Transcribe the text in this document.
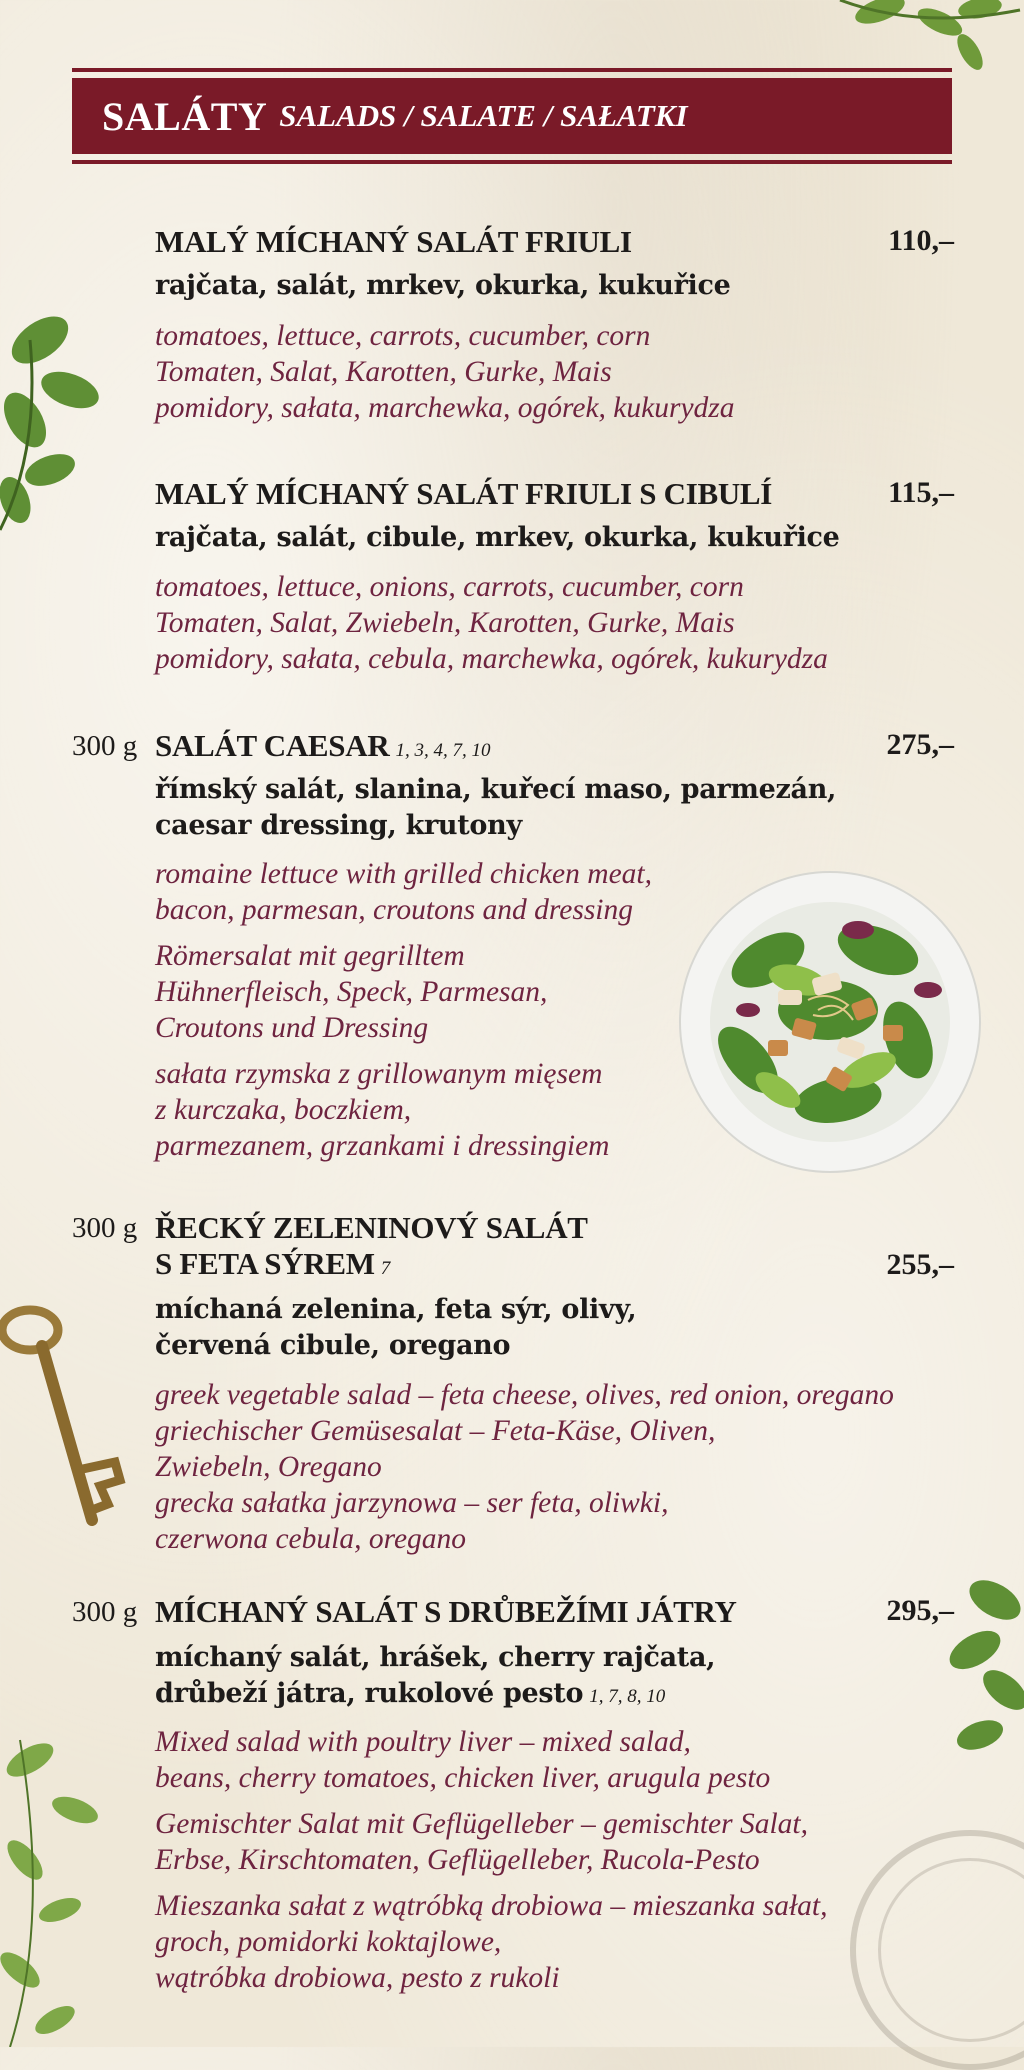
SALÁTY SALADS / SALATE / SAŁATKI
MALÝ MÍCHANÝ SALÁT FRIULI	110,–
rajčata, salát, mrkev, okurka, kukuřice
tomatoes, lettuce, carrots, cucumber, corn
Tomaten, Salat, Karotten, Gurke, Mais
pomidory, sałata, marchewka, ogórek, kukurydza
MALÝ MÍCHANÝ SALÁT FRIULI S CIBULÍ	115,–
rajčata, salát, cibule, mrkev, okurka, kukuřice
tomatoes, lettuce, onions, carrots, cucumber, corn
Tomaten, Salat, Zwiebeln, Karotten, Gurke, Mais
pomidory, sałata, cebula, marchewka, ogórek, kukurydza
300 g SALÁT CAESAR 1, 3, 4, 7, 10	275,–
římský salát, slanina, kuřecí maso, parmezán,
caesar dressing, krutony
romaine lettuce with grilled chicken meat,
bacon, parmesan, croutons and dressing
Römersalat mit gegrilltem
Hühnerfleisch, Speck, Parmesan,
Croutons und Dressing
sałata rzymska z grillowanym mięsem
z kurczaka, boczkiem,
parmezanem, grzankami i dressingiem
300 g ŘECKÝ ZELENINOVÝ SALÁT
S FETA SÝREM 7	255,–
míchaná zelenina, feta sýr, olivy,
červená cibule, oregano
greek vegetable salad – feta cheese, olives, red onion, oregano
griechischer Gemüsesalat – Feta-Käse, Oliven,
Zwiebeln, Oregano
grecka sałatka jarzynowa – ser feta, oliwki,
czerwona cebula, oregano
300 g MÍCHANÝ SALÁT S DRŮBEŽÍMI JÁTRY	295,–
míchaný salát, hrášek, cherry rajčata,
drůbeží játra, rukolové pesto 1, 7, 8, 10
Mixed salad with poultry liver – mixed salad,
beans, cherry tomatoes, chicken liver, arugula pesto
Gemischter Salat mit Geflügelleber – gemischter Salat,
Erbse, Kirschtomaten, Geflügelleber, Rucola-Pesto
Mieszanka sałat z wątróbką drobiowa – mieszanka sałat,
groch, pomidorki koktajlowe,
wątróbka drobiowa, pesto z rukoli
